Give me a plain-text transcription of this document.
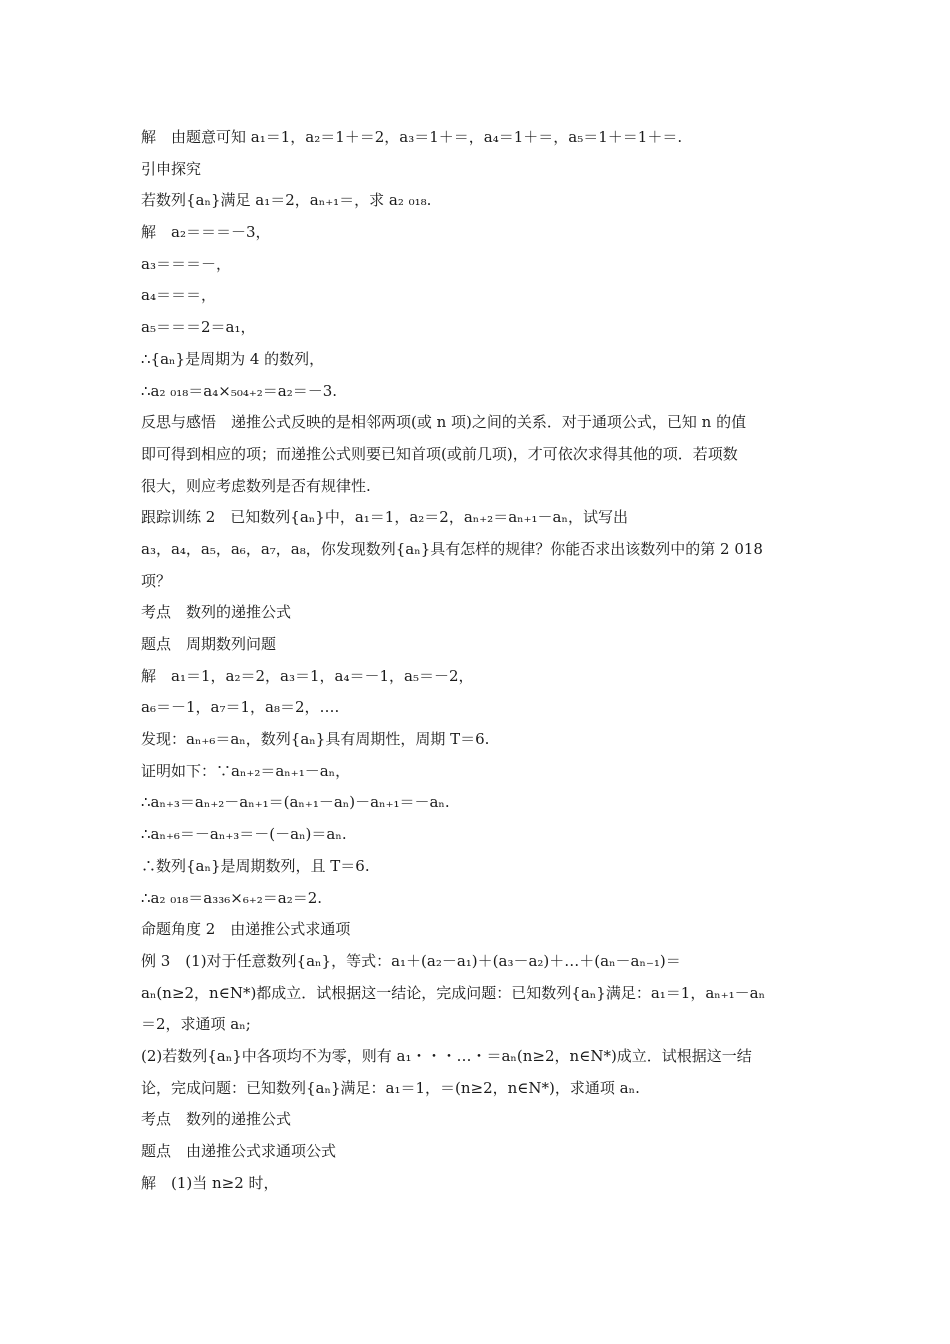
解　由题意可知 a₁＝1，a₂＝1＋＝2，a₃＝1＋＝，a₄＝1＋＝，a₅＝1＋＝1＋＝.
引申探究
若数列{aₙ}满足 a₁＝2，aₙ₊₁＝，求 a₂ ₀₁₈.
解　a₂＝＝＝－3，
a₃＝＝＝－，
a₄＝＝＝，
a₅＝＝＝2＝a₁，
∴{aₙ}是周期为 4 的数列，
∴a₂ ₀₁₈＝a₄×₅₀₄₊₂＝a₂＝－3.
反思与感悟　递推公式反映的是相邻两项(或 n 项)之间的关系．对于通项公式，已知 n 的值
即可得到相应的项；而递推公式则要已知首项(或前几项)，才可依次求得其他的项．若项数
很大，则应考虑数列是否有规律性.
跟踪训练 2　已知数列{aₙ}中，a₁＝1，a₂＝2，aₙ₊₂＝aₙ₊₁－aₙ，试写出
a₃，a₄，a₅，a₆，a₇，a₈，你发现数列{aₙ}具有怎样的规律？你能否求出该数列中的第 2 018
项？
考点　数列的递推公式
题点　周期数列问题
解　a₁＝1，a₂＝2，a₃＝1，a₄＝－1，a₅＝－2，
a₆＝－1，a₇＝1，a₈＝2，….
发现：aₙ₊₆＝aₙ，数列{aₙ}具有周期性，周期 T＝6.
证明如下：∵aₙ₊₂＝aₙ₊₁－aₙ，
∴aₙ₊₃＝aₙ₊₂－aₙ₊₁＝(aₙ₊₁－aₙ)－aₙ₊₁＝－aₙ.
∴aₙ₊₆＝－aₙ₊₃＝－(－aₙ)＝aₙ.
∴数列{aₙ}是周期数列，且 T＝6.
∴a₂ ₀₁₈＝a₃₃₆×₆₊₂＝a₂＝2.
命题角度 2　由递推公式求通项
例 3　(1)对于任意数列{aₙ}，等式：a₁＋(a₂－a₁)＋(a₃－a₂)＋…＋(aₙ－aₙ₋₁)＝
aₙ(n≥2，n∈N*)都成立．试根据这一结论，完成问题：已知数列{aₙ}满足：a₁＝1，aₙ₊₁－aₙ
＝2，求通项 aₙ;
(2)若数列{aₙ}中各项均不为零，则有 a₁・・・…・＝aₙ(n≥2，n∈N*)成立．试根据这一结
论，完成问题：已知数列{aₙ}满足：a₁＝1，＝(n≥2，n∈N*)，求通项 aₙ.
考点　数列的递推公式
题点　由递推公式求通项公式
解　(1)当 n≥2 时，
